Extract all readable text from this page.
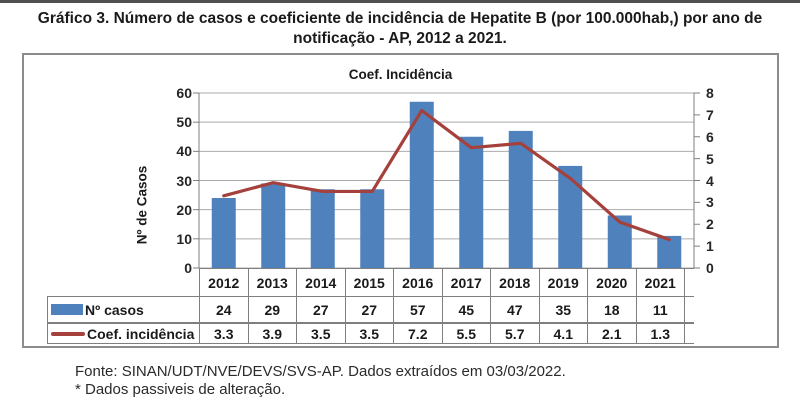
Gráfico 3. Número de casos e coeficiente de incidência de Hepatite B (por 100.000hab,) por ano de
notificação - AP, 2012 a 2021.
Coef. Incidência
Nº de Casos
0
10
20
30
40
50
60
0
1
2
3
4
5
6
7
8
2012	2013	2014	2015	2016	2017	2018	2019	2020	2021
Nº casos	24	29	27	27	57	45	47	35	18	11
Coef. incidência	3.3	3.9	3.5	3.5	7.2	5.5	5.7	4.1	2.1	1.3
Fonte: SINAN/UDT/NVE/DEVS/SVS-AP. Dados extraídos em 03/03/2022.
* Dados passiveis de alteração.
